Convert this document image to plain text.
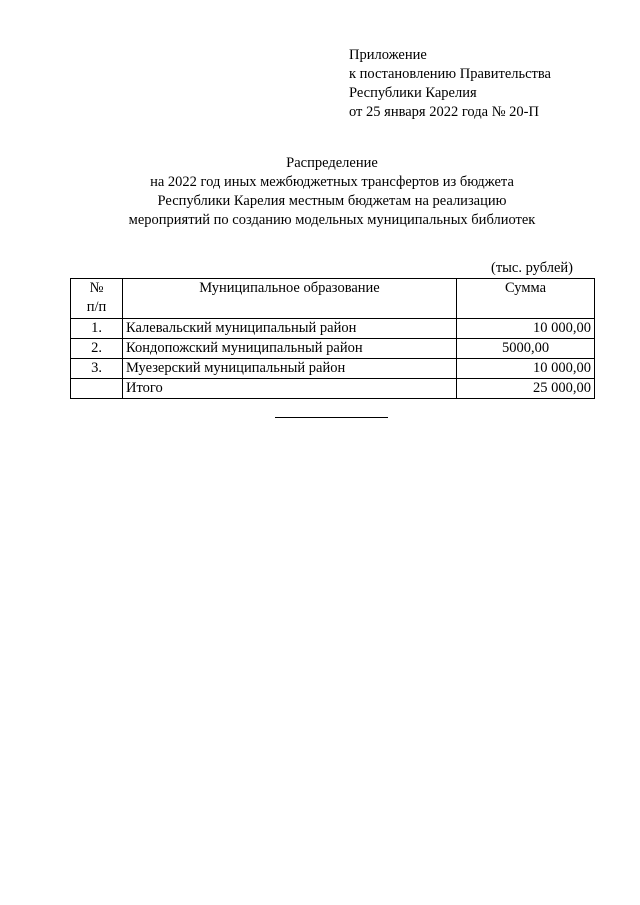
Приложение
к постановлению Правительства
Республики Карелия
от 25 января 2022 года № 20-П
Распределение
на 2022 год иных межбюджетных трансфертов из бюджета
Республики Карелия местным бюджетам на реализацию
мероприятий по созданию модельных муниципальных библиотек
(тыс. рублей)
№
п/п	Муниципальное образование	Сумма
1.	Калевальский муниципальный район	10 000,00
2.	Кондопожский муниципальный район	5000,00
3.	Муезерский муниципальный район	10 000,00
	Итого	25 000,00
